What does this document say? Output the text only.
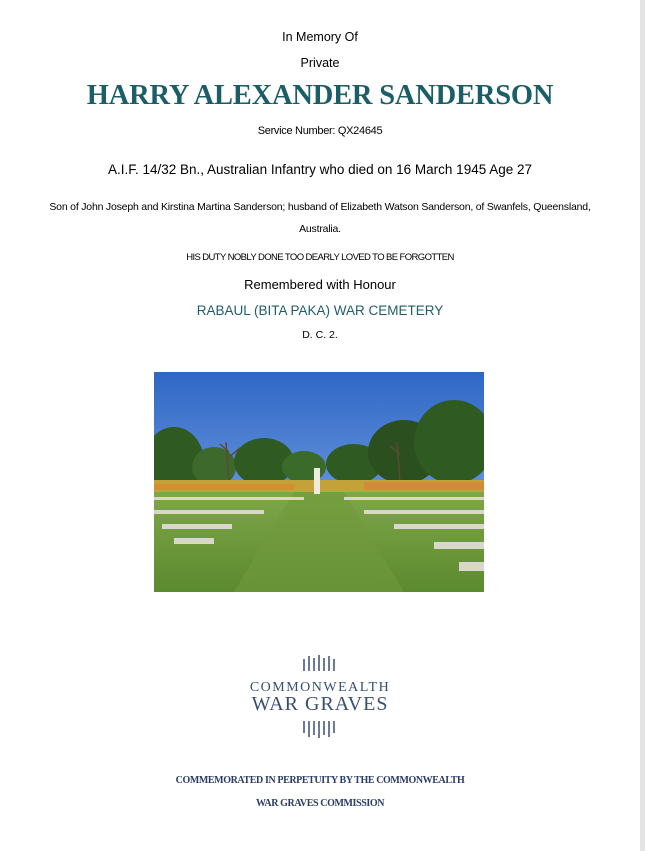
In Memory Of
Private
HARRY ALEXANDER SANDERSON
Service Number: QX24645
A.I.F. 14/32 Bn., Australian Infantry who died on 16 March 1945 Age 27
Son of John Joseph and Kirstina Martina Sanderson; husband of Elizabeth Watson Sanderson, of Swanfels, Queensland, Australia.
HIS DUTY NOBLY DONE TOO DEARLY LOVED TO BE FORGOTTEN
Remembered with Honour
RABAUL (BITA PAKA) WAR CEMETERY
D. C. 2.
COMMONWEALTH
WAR GRAVES
COMMEMORATED IN PERPETUITY BY THE COMMONWEALTH
WAR GRAVES COMMISSION
